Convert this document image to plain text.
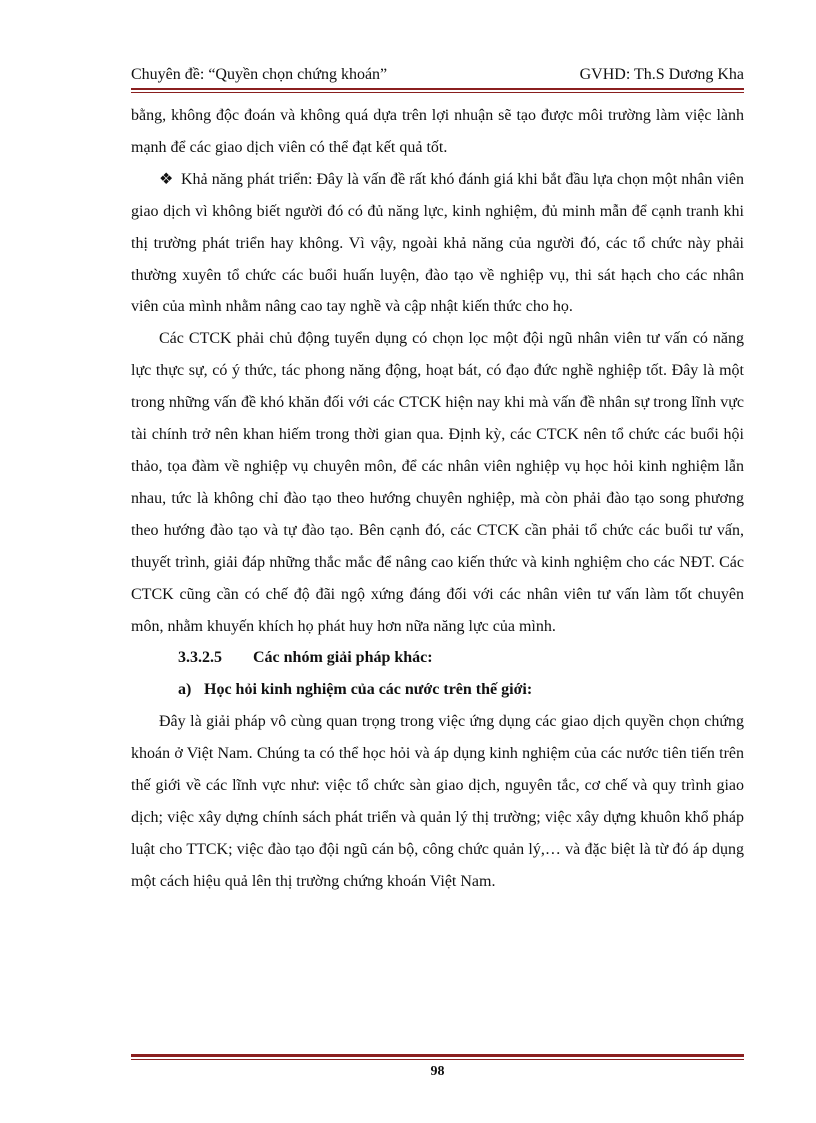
Chuyên đề: “Quyền chọn chứng khoán”	GVHD: Th.S Dương Kha

bằng, không độc đoán và không quá dựa trên lợi nhuận sẽ tạo được môi trường làm việc lành mạnh để các giao dịch viên có thể đạt kết quả tốt.

❖ Khả năng phát triển: Đây là vấn đề rất khó đánh giá khi bắt đầu lựa chọn một nhân viên giao dịch vì không biết người đó có đủ năng lực, kinh nghiệm, đủ minh mẫn để cạnh tranh khi thị trường phát triển hay không. Vì vậy, ngoài khả năng của người đó, các tổ chức này phải thường xuyên tổ chức các buổi huấn luyện, đào tạo về nghiệp vụ, thi sát hạch cho các nhân viên của mình nhằm nâng cao tay nghề và cập nhật kiến thức cho họ.

Các CTCK phải chủ động tuyển dụng có chọn lọc một đội ngũ nhân viên tư vấn có năng lực thực sự, có ý thức, tác phong năng động, hoạt bát, có đạo đức nghề nghiệp tốt. Đây là một trong những vấn đề khó khăn đối với các CTCK hiện nay khi mà vấn đề nhân sự trong lĩnh vực tài chính trở nên khan hiếm trong thời gian qua. Định kỳ, các CTCK nên tổ chức các buổi hội thảo, tọa đàm về nghiệp vụ chuyên môn, để các nhân viên nghiệp vụ học hỏi kinh nghiệm lẫn nhau, tức là không chỉ đào tạo theo hướng chuyên nghiệp, mà còn phải đào tạo song phương theo hướng đào tạo và tự đào tạo. Bên cạnh đó, các CTCK cần phải tổ chức các buổi tư vấn, thuyết trình, giải đáp những thắc mắc để nâng cao kiến thức và kinh nghiệm cho các NĐT. Các CTCK cũng cần có chế độ đãi ngộ xứng đáng đối với các nhân viên tư vấn làm tốt chuyên môn, nhằm khuyến khích họ phát huy hơn nữa năng lực của mình.

3.3.2.5 Các nhóm giải pháp khác:

a) Học hỏi kinh nghiệm của các nước trên thế giới:

Đây là giải pháp vô cùng quan trọng trong việc ứng dụng các giao dịch quyền chọn chứng khoán ở Việt Nam. Chúng ta có thể học hỏi và áp dụng kinh nghiệm của các nước tiên tiến trên thế giới về các lĩnh vực như: việc tổ chức sàn giao dịch, nguyên tắc, cơ chế và quy trình giao dịch; việc xây dựng chính sách phát triển và quản lý thị trường; việc xây dựng khuôn khổ pháp luật cho TTCK; việc đào tạo đội ngũ cán bộ, công chức quản lý,… và đặc biệt là từ đó áp dụng một cách hiệu quả lên thị trường chứng khoán Việt Nam.

98
